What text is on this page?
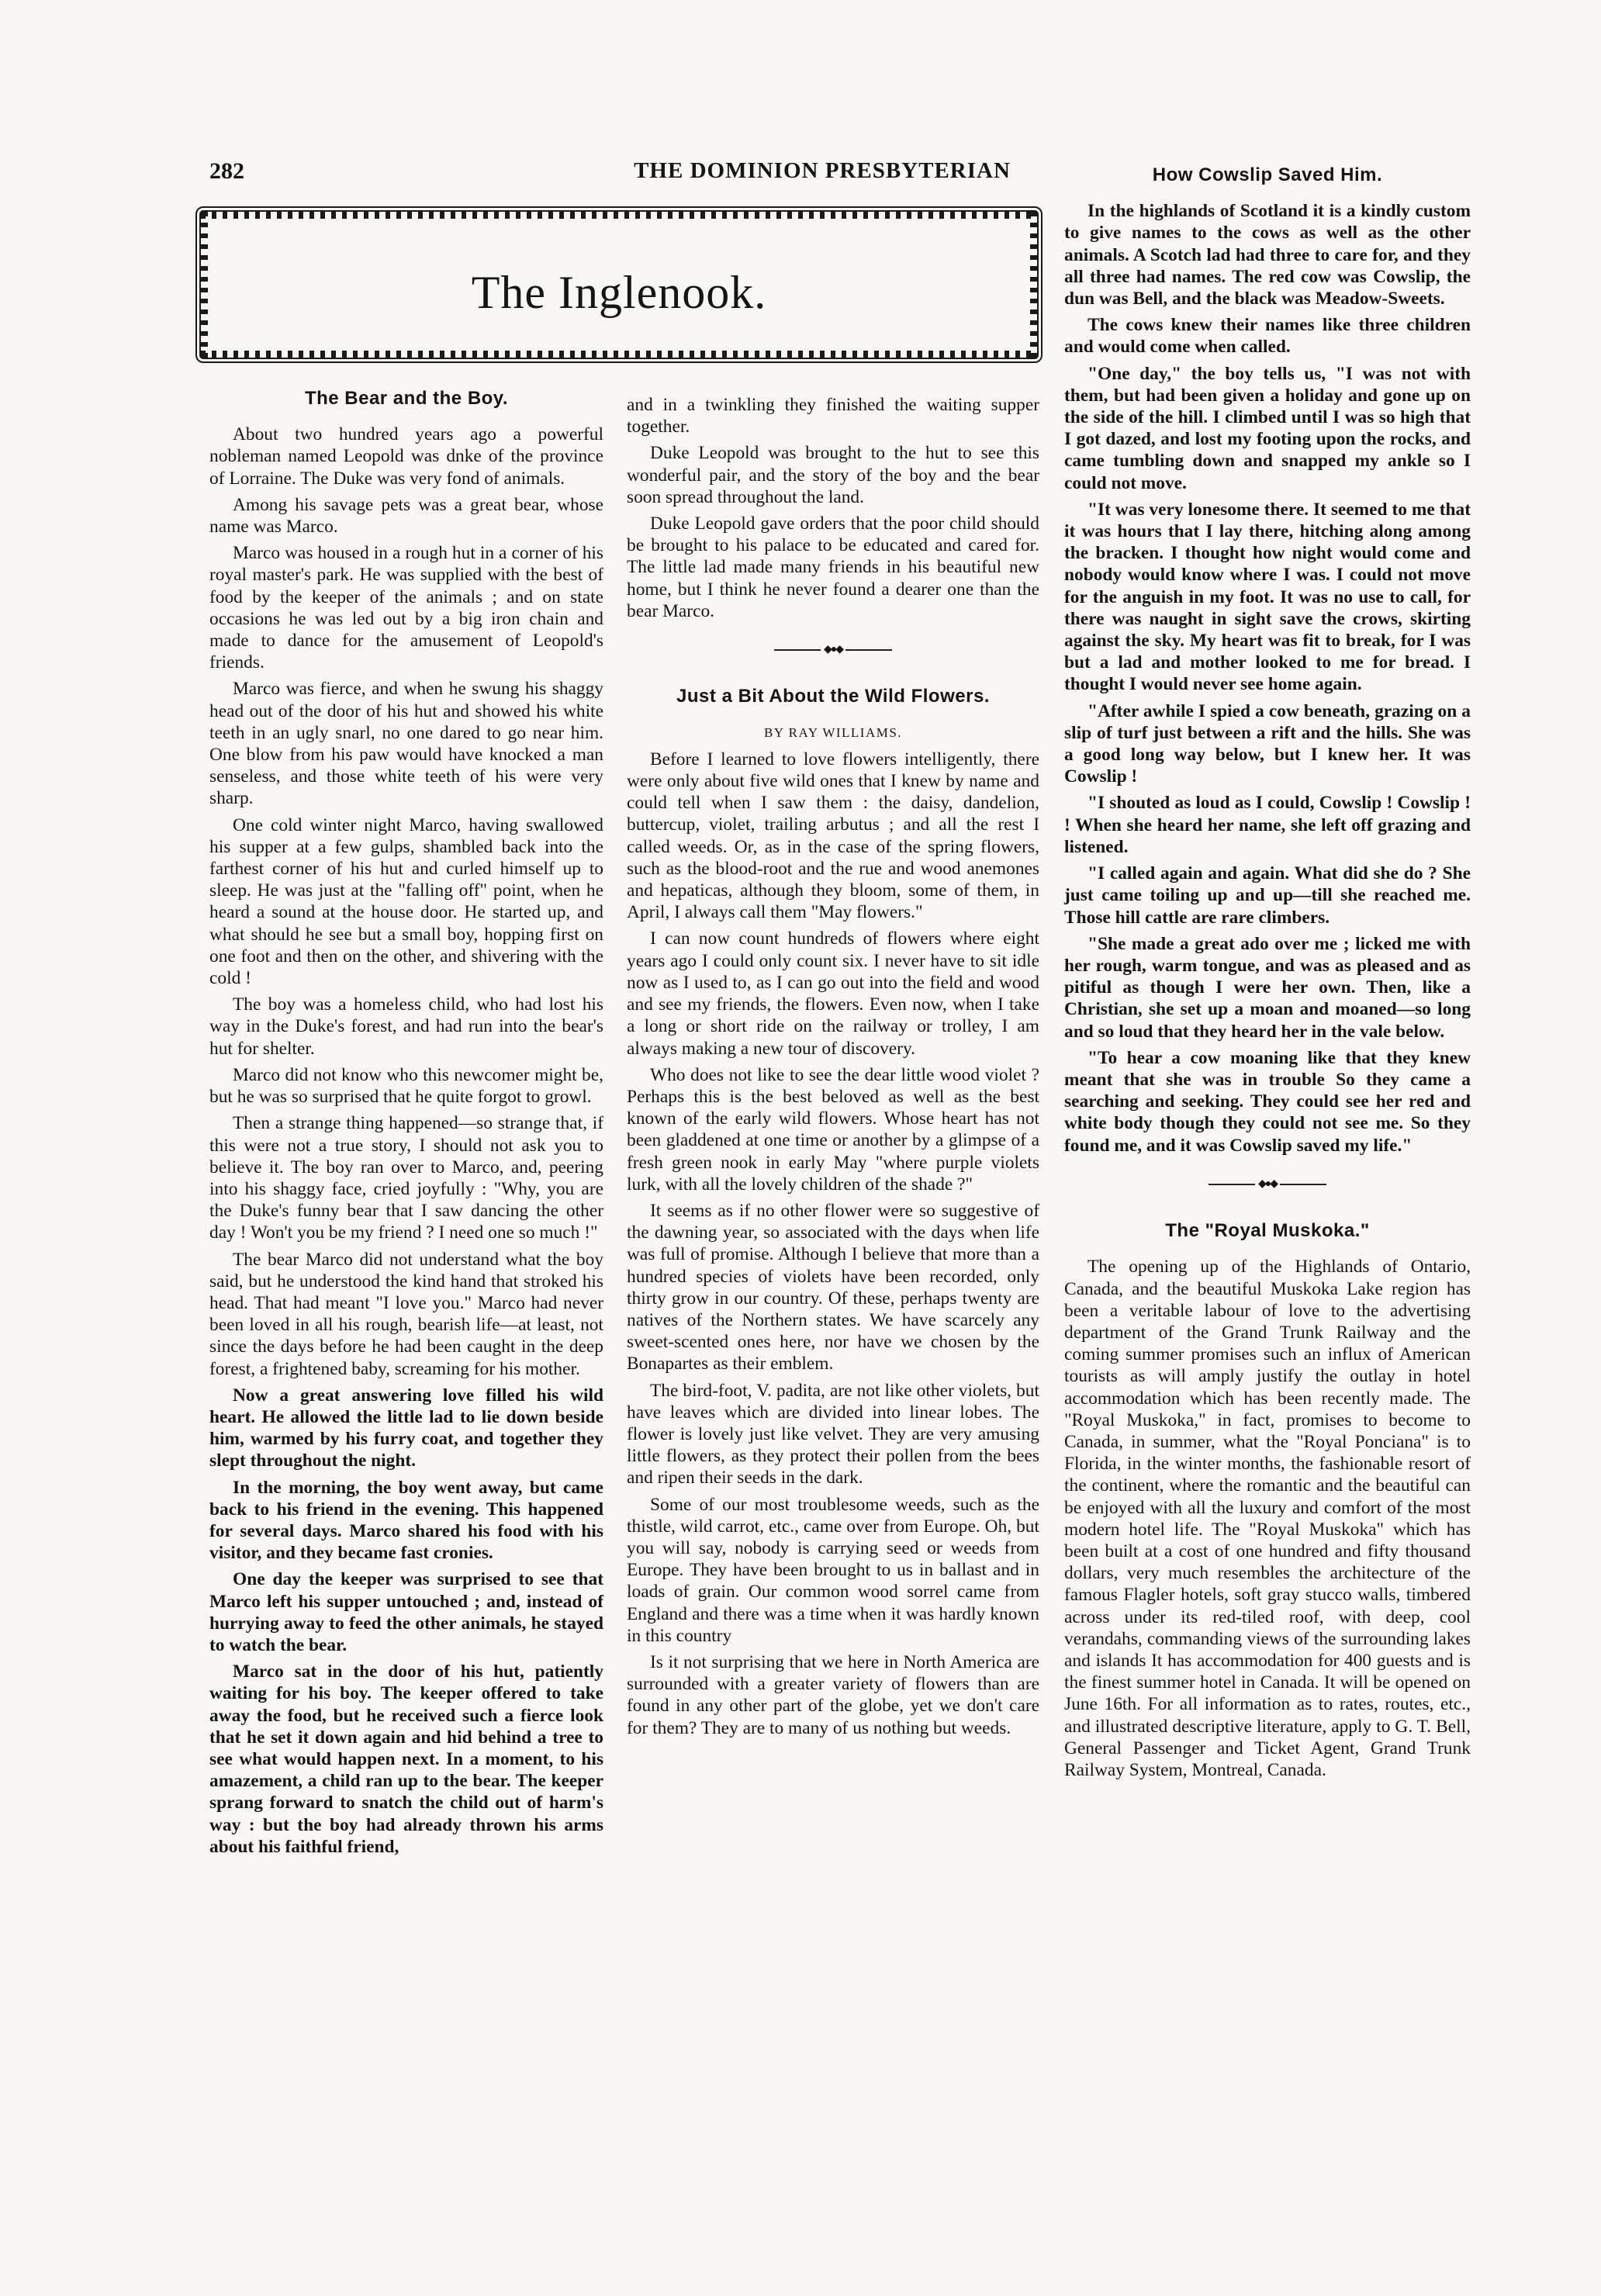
282	THE DOMINION PRESBYTERIAN
The Inglenook.
The Bear and the Boy.

About two hundred years ago a powerful nobleman named Leopold was dnke of the province of Lorraine. The Duke was very fond of animals.

Among his savage pets was a great bear, whose name was Marco.

Marco was housed in a rough hut in a corner of his royal master's park. He was supplied with the best of food by the keeper of the animals ; and on state occasions he was led out by a big iron chain and made to dance for the amusement of Leopold's friends.

Marco was fierce, and when he swung his shaggy head out of the door of his hut and showed his white teeth in an ugly snarl, no one dared to go near him. One blow from his paw would have knocked a man senseless, and those white teeth of his were very sharp.

One cold winter night Marco, having swallowed his supper at a few gulps, shambled back into the farthest corner of his hut and curled himself up to sleep. He was just at the "falling off" point, when he heard a sound at the house door. He started up, and what should he see but a small boy, hopping first on one foot and then on the other, and shivering with the cold !

The boy was a homeless child, who had lost his way in the Duke's forest, and had run into the bear's hut for shelter.

Marco did not know who this newcomer might be, but he was so surprised that he quite forgot to growl.

Then a strange thing happened—so strange that, if this were not a true story, I should not ask you to believe it. The boy ran over to Marco, and, peering into his shaggy face, cried joyfully : "Why, you are the Duke's funny bear that I saw dancing the other day ! Won't you be my friend ? I need one so much !"

The bear Marco did not understand what the boy said, but he understood the kind hand that stroked his head. That had meant "I love you." Marco had never been loved in all his rough, bearish life—at least, not since the days before he had been caught in the deep forest, a frightened baby, screaming for his mother.

Now a great answering love filled his wild heart. He allowed the little lad to lie down beside him, warmed by his furry coat, and together they slept throughout the night.

In the morning, the boy went away, but came back to his friend in the evening. This happened for several days. Marco shared his food with his visitor, and they became fast cronies.

One day the keeper was surprised to see that Marco left his supper untouched ; and, instead of hurrying away to feed the other animals, he stayed to watch the bear.

Marco sat in the door of his hut, patiently waiting for his boy. The keeper offered to take away the food, but he received such a fierce look that he set it down again and hid behind a tree to see what would happen next. In a moment, to his amazement, a child ran up to the bear. The keeper sprang forward to snatch the child out of harm's way : but the boy had already thrown his arms about his faithful friend,

and in a twinkling they finished the waiting supper together.

Duke Leopold was brought to the hut to see this wonderful pair, and the story of the boy and the bear soon spread throughout the land.

Duke Leopold gave orders that the poor child should be brought to his palace to be educated and cared for. The little lad made many friends in his beautiful new home, but I think he never found a dearer one than the bear Marco.

◆●◆
Just a Bit About the Wild Flowers.

BY RAY WILLIAMS.

Before I learned to love flowers intelligently, there were only about five wild ones that I knew by name and could tell when I saw them : the daisy, dandelion, buttercup, violet, trailing arbutus ; and all the rest I called weeds. Or, as in the case of the spring flowers, such as the blood-root and the rue and wood anemones and hepaticas, although they bloom, some of them, in April, I always call them "May flowers."

I can now count hundreds of flowers where eight years ago I could only count six. I never have to sit idle now as I used to, as I can go out into the field and wood and see my friends, the flowers. Even now, when I take a long or short ride on the railway or trolley, I am always making a new tour of discovery.

Who does not like to see the dear little wood violet ? Perhaps this is the best beloved as well as the best known of the early wild flowers. Whose heart has not been gladdened at one time or another by a glimpse of a fresh green nook in early May "where purple violets lurk, with all the lovely children of the shade ?"

It seems as if no other flower were so suggestive of the dawning year, so associated with the days when life was full of promise. Although I believe that more than a hundred species of violets have been recorded, only thirty grow in our country. Of these, perhaps twenty are natives of the Northern states. We have scarcely any sweet-scented ones here, nor have we chosen by the Bonapartes as their emblem.

The bird-foot, V. padita, are not like other violets, but have leaves which are divided into linear lobes. The flower is lovely just like velvet. They are very amusing little flowers, as they protect their pollen from the bees and ripen their seeds in the dark.

Some of our most troublesome weeds, such as the thistle, wild carrot, etc., came over from Europe. Oh, but you will say, nobody is carrying seed or weeds from Europe. They have been brought to us in ballast and in loads of grain. Our common wood sorrel came from England and there was a time when it was hardly known in this country

Is it not surprising that we here in North America are surrounded with a greater variety of flowers than are found in any other part of the globe, yet we don't care for them? They are to many of us nothing but weeds.

How Cowslip Saved Him.

In the highlands of Scotland it is a kindly custom to give names to the cows as well as the other animals. A Scotch lad had three to care for, and they all three had names. The red cow was Cowslip, the dun was Bell, and the black was Meadow-Sweets.

The cows knew their names like three children and would come when called.

"One day," the boy tells us, "I was not with them, but had been given a holiday and gone up on the side of the hill. I climbed until I was so high that I got dazed, and lost my footing upon the rocks, and came tumbling down and snapped my ankle so I could not move.

"It was very lonesome there. It seemed to me that it was hours that I lay there, hitching along among the bracken. I thought how night would come and nobody would know where I was. I could not move for the anguish in my foot. It was no use to call, for there was naught in sight save the crows, skirting against the sky. My heart was fit to break, for I was but a lad and mother looked to me for bread. I thought I would never see home again.

"After awhile I spied a cow beneath, grazing on a slip of turf just between a rift and the hills. She was a good long way below, but I knew her. It was Cowslip !

"I shouted as loud as I could, Cowslip ! Cowslip ! ! When she heard her name, she left off grazing and listened.

"I called again and again. What did she do ? She just came toiling up and up—till she reached me. Those hill cattle are rare climbers.

"She made a great ado over me ; licked me with her rough, warm tongue, and was as pleased and as pitiful as though I were her own. Then, like a Christian, she set up a moan and moaned—so long and so loud that they heard her in the vale below.

"To hear a cow moaning like that they knew meant that she was in trouble So they came a searching and seeking. They could see her red and white body though they could not see me. So they found me, and it was Cowslip saved my life."

◆●◆
The "Royal Muskoka."

The opening up of the Highlands of Ontario, Canada, and the beautiful Muskoka Lake region has been a veritable labour of love to the advertising department of the Grand Trunk Railway and the coming summer promises such an influx of American tourists as will amply justify the outlay in hotel accommodation which has been recently made. The "Royal Muskoka," in fact, promises to become to Canada, in summer, what the "Royal Ponciana" is to Florida, in the winter months, the fashionable resort of the continent, where the romantic and the beautiful can be enjoyed with all the luxury and comfort of the most modern hotel life. The "Royal Muskoka" which has been built at a cost of one hundred and fifty thousand dollars, very much resembles the architecture of the famous Flagler hotels, soft gray stucco walls, timbered across under its red-tiled roof, with deep, cool verandahs, commanding views of the surrounding lakes and islands It has accommodation for 400 guests and is the finest summer hotel in Canada. It will be opened on June 16th. For all information as to rates, routes, etc., and illustrated descriptive literature, apply to G. T. Bell, General Passenger and Ticket Agent, Grand Trunk Railway System, Montreal, Canada.
